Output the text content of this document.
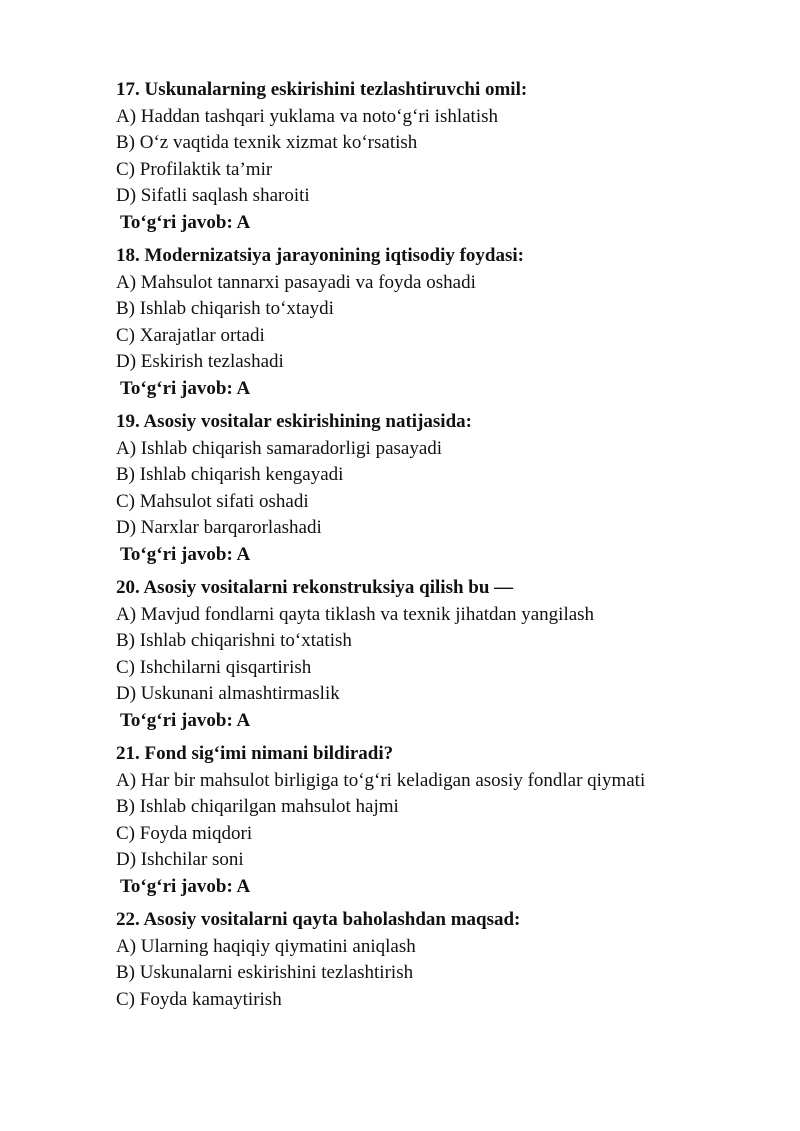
17. Uskunalarning eskirishini tezlashtiruvchi omil:
A) Haddan tashqari yuklama va noto‘g‘ri ishlatish
B) O‘z vaqtida texnik xizmat ko‘rsatish
C) Profilaktik ta’mir
D) Sifatli saqlash sharoiti
To‘g‘ri javob: A
18. Modernizatsiya jarayonining iqtisodiy foydasi:
A) Mahsulot tannarxi pasayadi va foyda oshadi
B) Ishlab chiqarish to‘xtaydi
C) Xarajatlar ortadi
D) Eskirish tezlashadi
To‘g‘ri javob: A
19. Asosiy vositalar eskirishining natijasida:
A) Ishlab chiqarish samaradorligi pasayadi
B) Ishlab chiqarish kengayadi
C) Mahsulot sifati oshadi
D) Narxlar barqarorlashadi
To‘g‘ri javob: A
20. Asosiy vositalarni rekonstruksiya qilish bu —
A) Mavjud fondlarni qayta tiklash va texnik jihatdan yangilash
B) Ishlab chiqarishni to‘xtatish
C) Ishchilarni qisqartirish
D) Uskunani almashtirmaslik
To‘g‘ri javob: A
21. Fond sig‘imi nimani bildiradi?
A) Har bir mahsulot birligiga to‘g‘ri keladigan asosiy fondlar qiymati
B) Ishlab chiqarilgan mahsulot hajmi
C) Foyda miqdori
D) Ishchilar soni
To‘g‘ri javob: A
22. Asosiy vositalarni qayta baholashdan maqsad:
A) Ularning haqiqiy qiymatini aniqlash
B) Uskunalarni eskirishini tezlashtirish
C) Foyda kamaytirish
